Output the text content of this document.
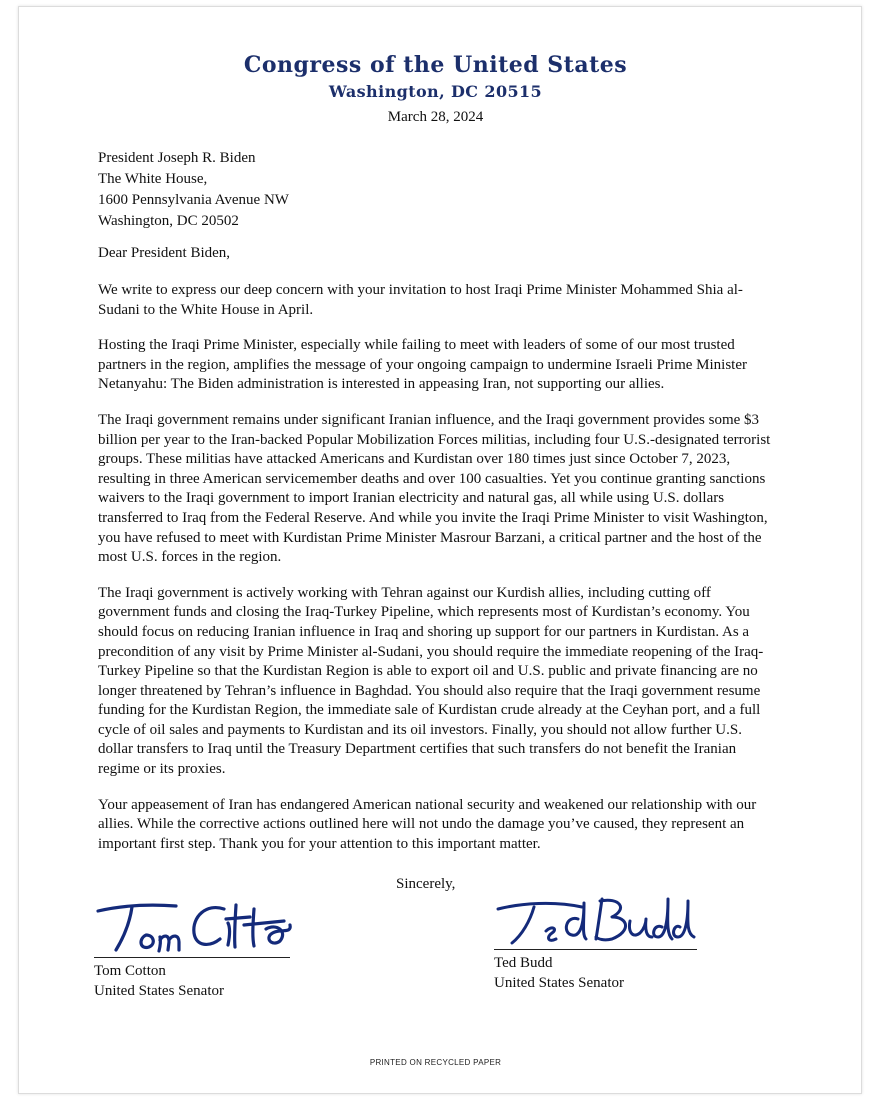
Congress of the United States
Washington, DC 20515
March 28, 2024
President Joseph R. Biden
The White House,
1600 Pennsylvania Avenue NW
Washington, DC 20502
Dear President Biden,

We write to express our deep concern with your invitation to host Iraqi Prime Minister Mohammed Shia al-Sudani to the White House in April.

Hosting the Iraqi Prime Minister, especially while failing to meet with leaders of some of our most trusted partners in the region, amplifies the message of your ongoing campaign to undermine Israeli Prime Minister Netanyahu: The Biden administration is interested in appeasing Iran, not supporting our allies.

The Iraqi government remains under significant Iranian influence, and the Iraqi government provides some $3 billion per year to the Iran-backed Popular Mobilization Forces militias, including four U.S.-designated terrorist groups. These militias have attacked Americans and Kurdistan over 180 times just since October 7, 2023, resulting in three American servicemember deaths and over 100 casualties. Yet you continue granting sanctions waivers to the Iraqi government to import Iranian electricity and natural gas, all while using U.S. dollars transferred to Iraq from the Federal Reserve. And while you invite the Iraqi Prime Minister to visit Washington, you have refused to meet with Kurdistan Prime Minister Masrour Barzani, a critical partner and the host of the most U.S. forces in the region.

The Iraqi government is actively working with Tehran against our Kurdish allies, including cutting off government funds and closing the Iraq-Turkey Pipeline, which represents most of Kurdistan’s economy. You should focus on reducing Iranian influence in Iraq and shoring up support for our partners in Kurdistan. As a precondition of any visit by Prime Minister al-Sudani, you should require the immediate reopening of the Iraq-Turkey Pipeline so that the Kurdistan Region is able to export oil and U.S. public and private financing are no longer threatened by Tehran’s influence in Baghdad. You should also require that the Iraqi government resume funding for the Kurdistan Region, the immediate sale of Kurdistan crude already at the Ceyhan port, and a full cycle of oil sales and payments to Kurdistan and its oil investors. Finally, you should not allow further U.S. dollar transfers to Iraq until the Treasury Department certifies that such transfers do not benefit the Iranian regime or its proxies.

Your appeasement of Iran has endangered American national security and weakened our relationship with our allies. While the corrective actions outlined here will not undo the damage you’ve caused, they represent an important first step. Thank you for your attention to this important matter.

Sincerely,
Tom Cotton
United States Senator
Ted Budd
United States Senator
PRINTED ON RECYCLED PAPER
